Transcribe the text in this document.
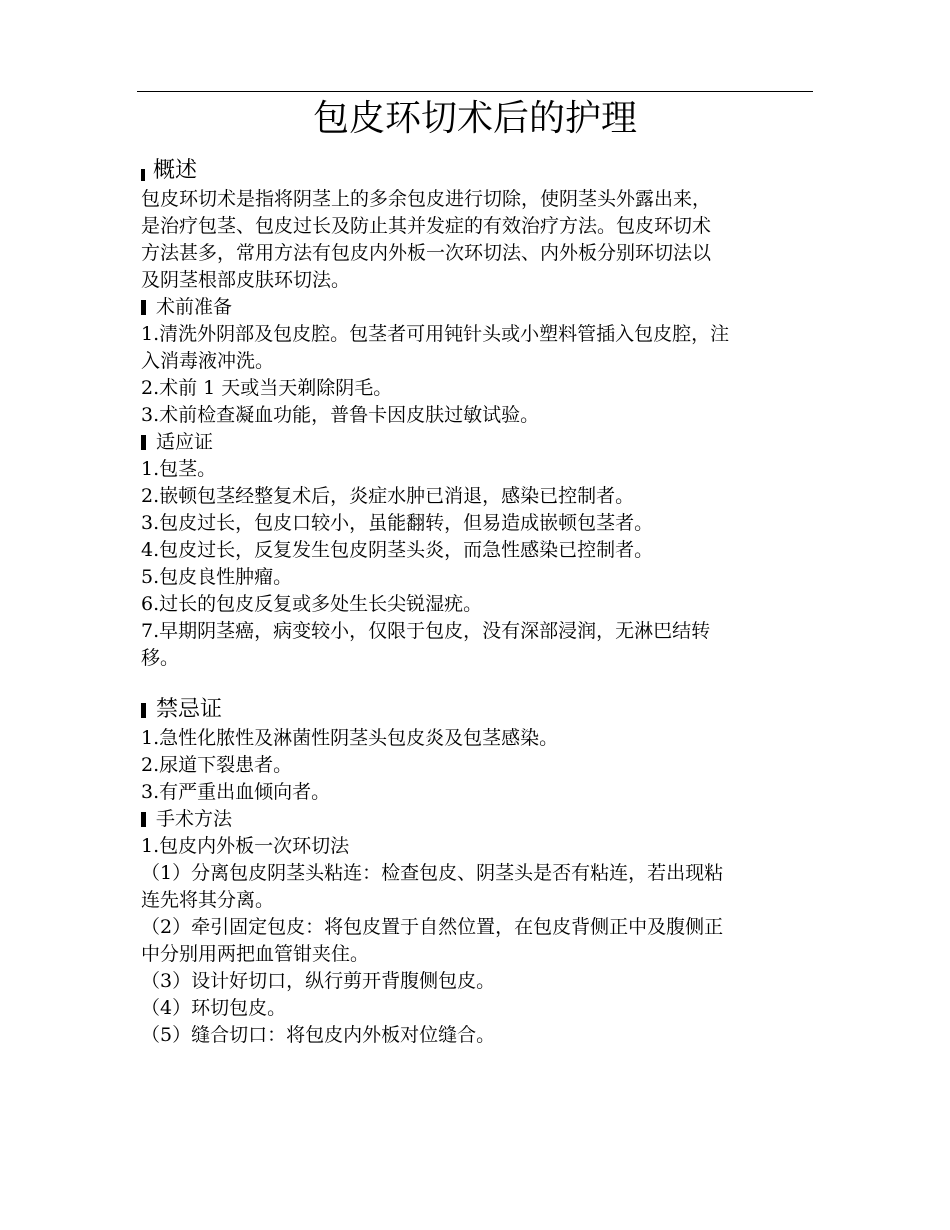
包皮环切术后的护理
概述
包皮环切术是指将阴茎上的多余包皮进行切除，使阴茎头外露出来，
是治疗包茎、包皮过长及防止其并发症的有效治疗方法。包皮环切术
方法甚多，常用方法有包皮内外板一次环切法、内外板分别环切法以
及阴茎根部皮肤环切法。
术前准备
1.清洗外阴部及包皮腔。包茎者可用钝针头或小塑料管插入包皮腔，注
入消毒液冲洗。
2.术前 1 天或当天剃除阴毛。
3.术前检查凝血功能，普鲁卡因皮肤过敏试验。
适应证
1.包茎。
2.嵌顿包茎经整复术后，炎症水肿已消退，感染已控制者。
3.包皮过长，包皮口较小，虽能翻转，但易造成嵌顿包茎者。
4.包皮过长，反复发生包皮阴茎头炎，而急性感染已控制者。
5.包皮良性肿瘤。
6.过长的包皮反复或多处生长尖锐湿疣。
7.早期阴茎癌，病变较小，仅限于包皮，没有深部浸润，无淋巴结转
移。
禁忌证
1.急性化脓性及淋菌性阴茎头包皮炎及包茎感染。
2.尿道下裂患者。
3.有严重出血倾向者。
手术方法
1.包皮内外板一次环切法
（1）分离包皮阴茎头粘连：检查包皮、阴茎头是否有粘连，若出现粘
连先将其分离。
（2）牵引固定包皮：将包皮置于自然位置，在包皮背侧正中及腹侧正
中分别用两把血管钳夹住。
（3）设计好切口，纵行剪开背腹侧包皮。
（4）环切包皮。
（5）缝合切口：将包皮内外板对位缝合。
